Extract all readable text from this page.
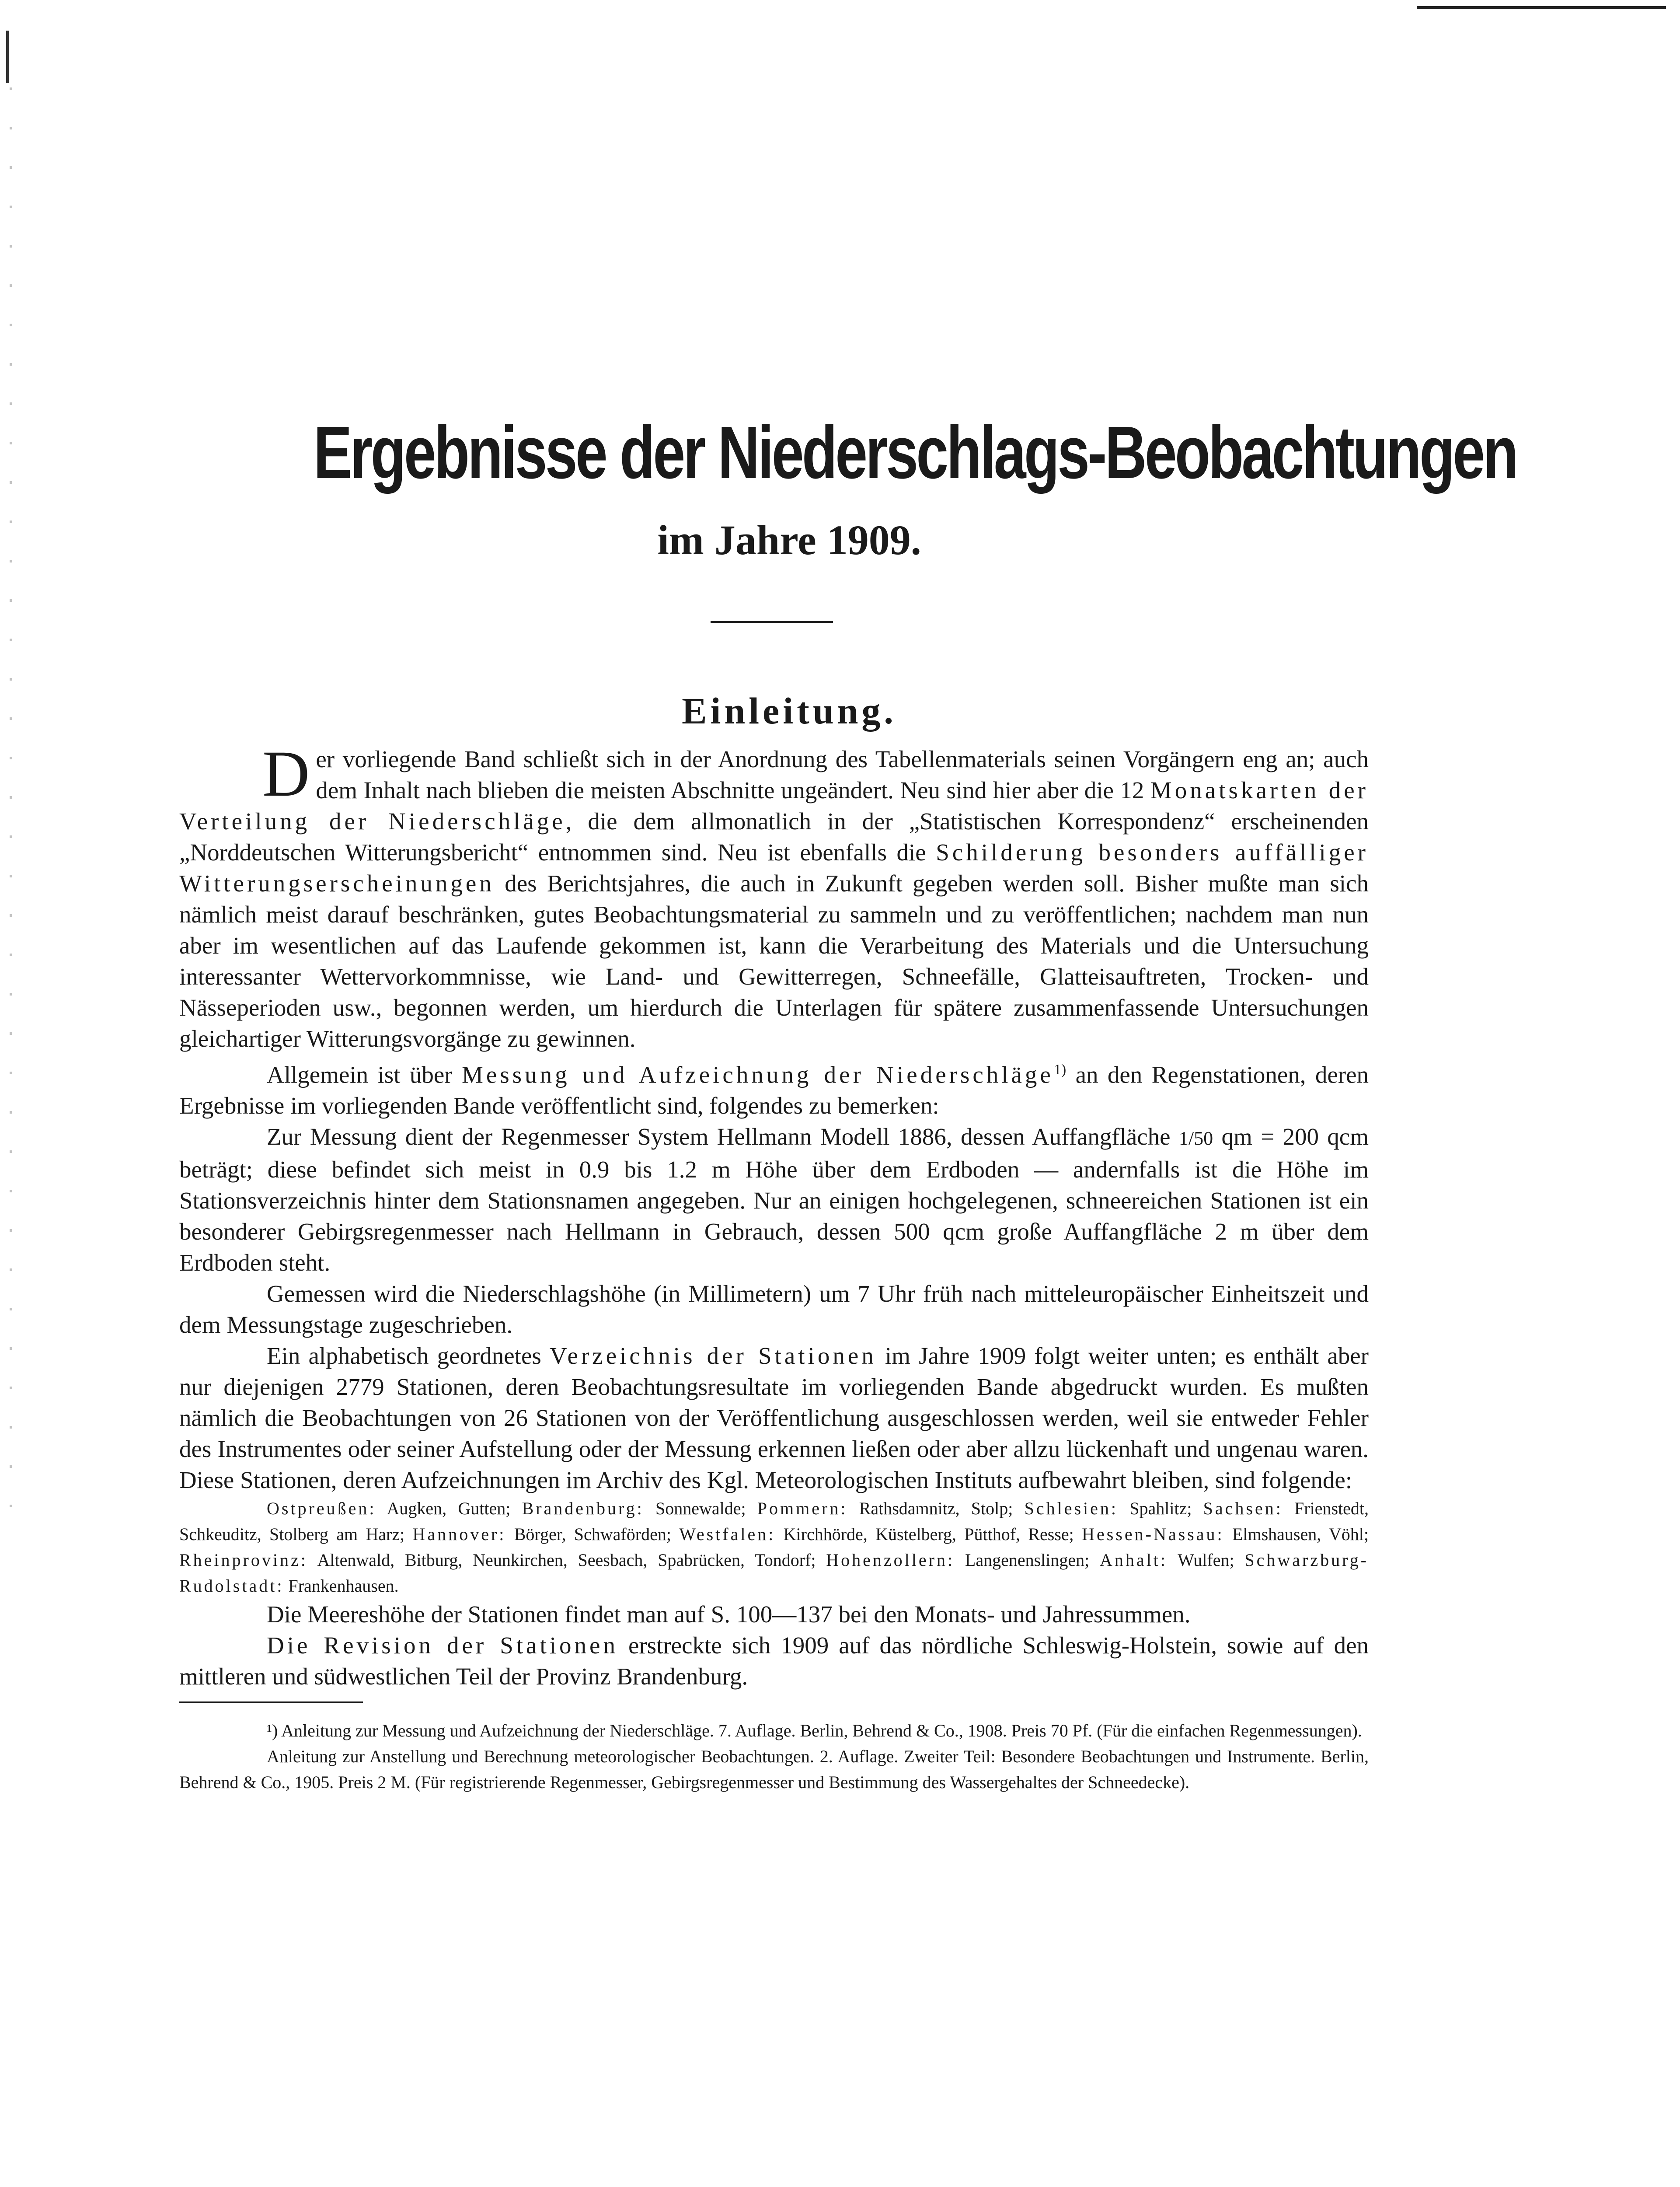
Ergebnisse der Niederschlags-Beobachtungen
im Jahre 1909.
Einleitung.

Der vorliegende Band schließt sich in der Anordnung des Tabellenmaterials seinen Vorgängern eng an; auch dem Inhalt nach blieben die meisten Abschnitte ungeändert. Neu sind hier aber die 12 Monatskarten der Verteilung der Niederschläge, die dem allmonatlich in der „Statistischen Korrespondenz“ erscheinenden „Norddeutschen Witterungsbericht“ entnommen sind. Neu ist ebenfalls die Schilderung besonders auffälliger Witterungserscheinungen des Berichtsjahres, die auch in Zukunft gegeben werden soll. Bisher mußte man sich nämlich meist darauf beschränken, gutes Beobachtungsmaterial zu sammeln und zu veröffentlichen; nachdem man nun aber im wesentlichen auf das Laufende gekommen ist, kann die Verarbeitung des Materials und die Untersuchung interessanter Wettervorkommnisse, wie Land- und Gewitterregen, Schneefälle, Glatteisauftreten, Trocken- und Nässeperioden usw., begonnen werden, um hierdurch die Unterlagen für spätere zusammenfassende Untersuchungen gleichartiger Witterungsvorgänge zu gewinnen.

Allgemein ist über Messung und Aufzeichnung der Niederschläge$^{1)}$ an den Regenstationen, deren Ergebnisse im vorliegenden Bande veröffentlicht sind, folgendes zu bemerken:

Zur Messung dient der Regenmesser System Hellmann Modell 1886, dessen Auffangfläche 1/50 qm = 200 qcm beträgt; diese befindet sich meist in 0.9 bis 1.2 m Höhe über dem Erdboden — andernfalls ist die Höhe im Stationsverzeichnis hinter dem Stationsnamen angegeben. Nur an einigen hochgelegenen, schneereichen Stationen ist ein besonderer Gebirgsregenmesser nach Hellmann in Gebrauch, dessen 500 qcm große Auffangfläche 2 m über dem Erdboden steht.

Gemessen wird die Niederschlagshöhe (in Millimetern) um 7 Uhr früh nach mitteleuropäischer Einheitszeit und dem Messungstage zugeschrieben.

Ein alphabetisch geordnetes Verzeichnis der Stationen im Jahre 1909 folgt weiter unten; es enthält aber nur diejenigen 2779 Stationen, deren Beobachtungsresultate im vorliegenden Bande abgedruckt wurden. Es mußten nämlich die Beobachtungen von 26 Stationen von der Veröffentlichung ausgeschlossen werden, weil sie entweder Fehler des Instrumentes oder seiner Aufstellung oder der Messung erkennen ließen oder aber allzu lückenhaft und ungenau waren. Diese Stationen, deren Aufzeichnungen im Archiv des Kgl. Meteorologischen Instituts aufbewahrt bleiben, sind folgende:

Ostpreußen: Augken, Gutten; Brandenburg: Sonnewalde; Pommern: Rathsdamnitz, Stolp; Schlesien: Spahlitz; Sachsen: Frienstedt, Schkeuditz, Stolberg am Harz; Hannover: Börger, Schwaförden; Westfalen: Kirchhörde, Küstelberg, Pütthof, Resse; Hessen-Nassau: Elmshausen, Vöhl; Rheinprovinz: Altenwald, Bitburg, Neunkirchen, Seesbach, Spabrücken, Tondorf; Hohenzollern: Langenenslingen; Anhalt: Wulfen; Schwarzburg-Rudolstadt: Frankenhausen.

Die Meereshöhe der Stationen findet man auf S. 100—137 bei den Monats- und Jahressummen.

Die Revision der Stationen erstreckte sich 1909 auf das nördliche Schleswig-Holstein, sowie auf den mittleren und südwestlichen Teil der Provinz Brandenburg.

¹) Anleitung zur Messung und Aufzeichnung der Niederschläge. 7. Auflage. Berlin, Behrend & Co., 1908. Preis 70 Pf. (Für die einfachen Regenmessungen).

Anleitung zur Anstellung und Berechnung meteorologischer Beobachtungen. 2. Auflage. Zweiter Teil: Besondere Beobachtungen und Instrumente. Berlin, Behrend & Co., 1905. Preis 2 M. (Für registrierende Regenmesser, Gebirgsregenmesser und Bestimmung des Wassergehaltes der Schneedecke).
